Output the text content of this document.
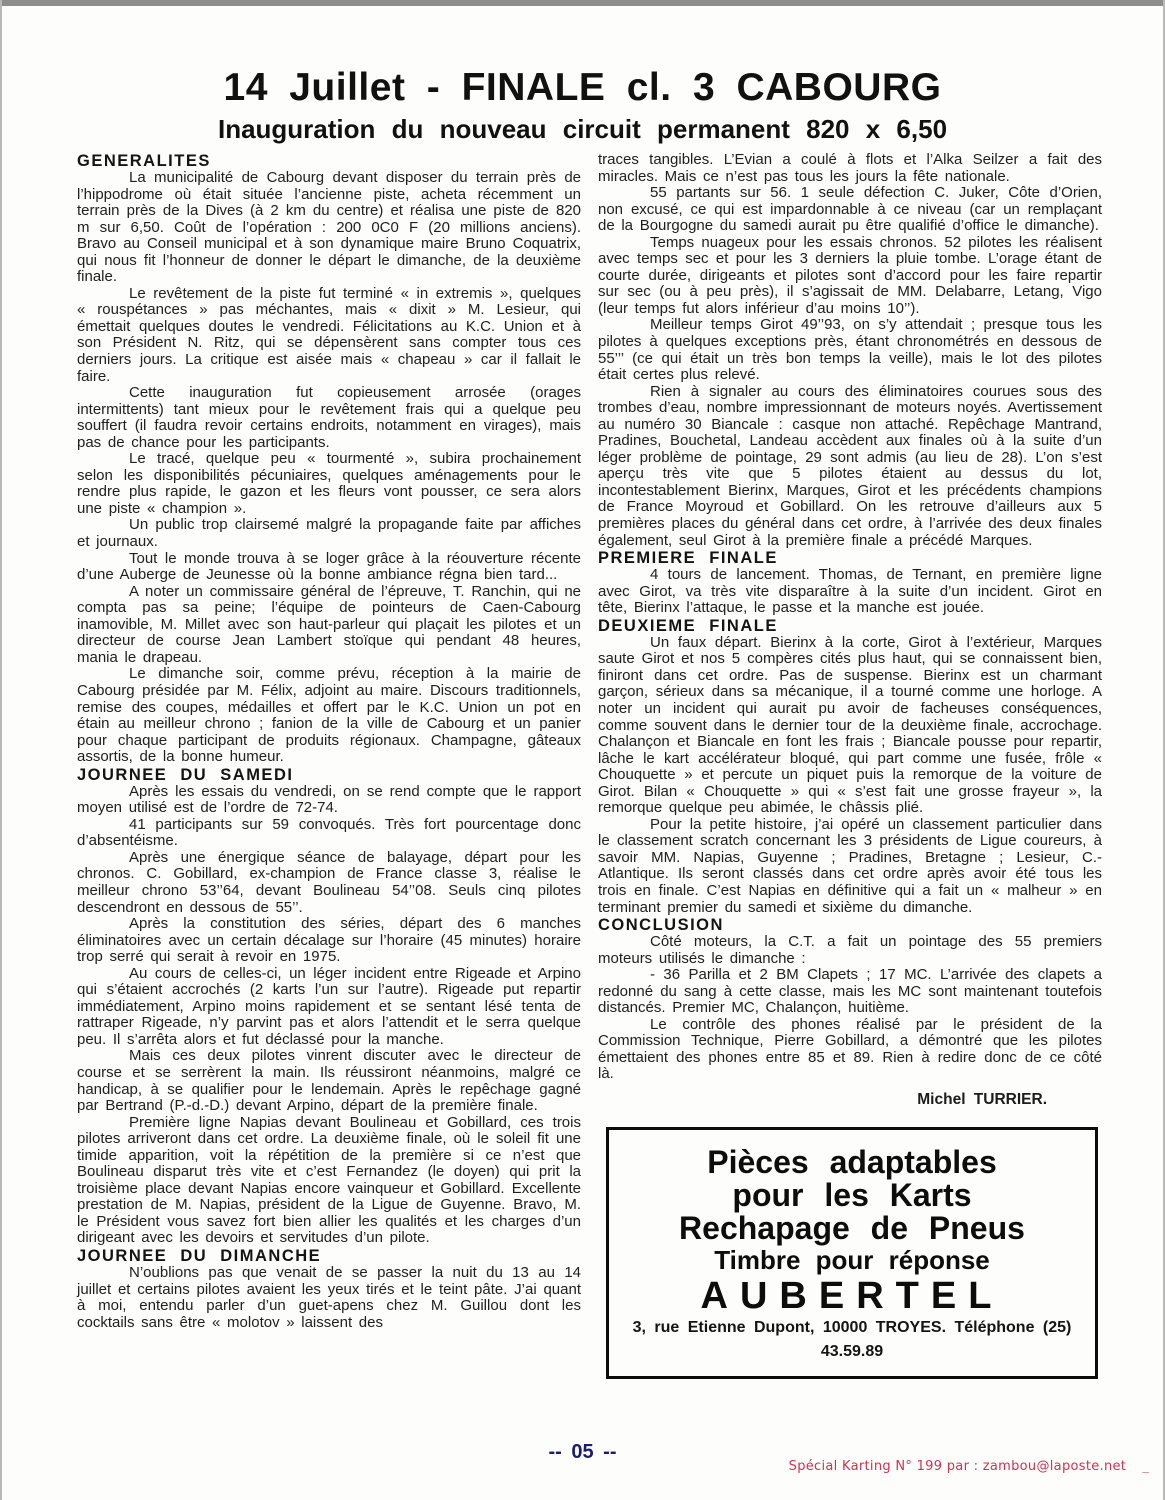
14 Juillet - FINALE cl. 3 CABOURG
Inauguration du nouveau circuit permanent 820 x 6,50
GENERALITES

La municipalité de Cabourg devant disposer du terrain près de l’hippodrome où était située l’ancienne piste, acheta récemment un terrain près de la Dives (à 2 km du centre) et réalisa une piste de 820 m sur 6,50. Coût de l’opération : 200 0C0 F (20 millions anciens). Bravo au Conseil municipal et à son dynamique maire Bruno Coquatrix, qui nous fit l’honneur de donner le départ le dimanche, de la deuxième finale.

Le revêtement de la piste fut terminé « in extremis », quelques « rouspétances » pas méchantes, mais « dixit » M. Lesieur, qui émettait quelques doutes le vendredi. Félicitations au K.C. Union et à son Président N. Ritz, qui se dépensèrent sans compter tous ces derniers jours. La critique est aisée mais « chapeau » car il fallait le faire.

Cette inauguration fut copieusement arrosée (orages intermittents) tant mieux pour le revêtement frais qui a quelque peu souffert (il faudra revoir certains endroits, notamment en virages), mais pas de chance pour les participants.

Le tracé, quelque peu « tourmenté », subira prochainement selon les disponibilités pécuniaires, quelques aménagements pour le rendre plus rapide, le gazon et les fleurs vont pousser, ce sera alors une piste « champion ».

Un public trop clairsemé malgré la propagande faite par affiches et journaux.

Tout le monde trouva à se loger grâce à la réouverture récente d’une Auberge de Jeunesse où la bonne ambiance régna bien tard...

A noter un commissaire général de l’épreuve, T. Ranchin, qui ne compta pas sa peine; l’équipe de pointeurs de Caen-Cabourg inamovible, M. Millet avec son haut-parleur qui plaçait les pilotes et un directeur de course Jean Lambert stoïque qui pendant 48 heures, mania le drapeau.

Le dimanche soir, comme prévu, réception à la mairie de Cabourg présidée par M. Félix, adjoint au maire. Discours traditionnels, remise des coupes, médailles et offert par le K.C. Union un pot en étain au meilleur chrono ; fanion de la ville de Cabourg et un panier pour chaque participant de produits régionaux. Champagne, gâteaux assortis, de la bonne humeur.

JOURNEE DU SAMEDI

Après les essais du vendredi, on se rend compte que le rapport moyen utilisé est de l’ordre de 72-74.

41 participants sur 59 convoqués. Très fort pourcentage donc d’absentéisme.

Après une énergique séance de balayage, départ pour les chronos. C. Gobillard, ex-champion de France classe 3, réalise le meilleur chrono 53’’64, devant Boulineau 54’’08. Seuls cinq pilotes descendront en dessous de 55’’.

Après la constitution des séries, départ des 6 manches éliminatoires avec un certain décalage sur l’horaire (45 minutes) horaire trop serré qui serait à revoir en 1975.

Au cours de celles-ci, un léger incident entre Rigeade et Arpino qui s’étaient accrochés (2 karts l’un sur l’autre). Rigeade put repartir immédiatement, Arpino moins rapidement et se sentant lésé tenta de rattraper Rigeade, n’y parvint pas et alors l’attendit et le serra quelque peu. Il s’arrêta alors et fut déclassé pour la manche.

Mais ces deux pilotes vinrent discuter avec le directeur de course et se serrèrent la main. Ils réussiront néanmoins, malgré ce handicap, à se qualifier pour le lendemain. Après le repêchage gagné par Bertrand (P.-d.-D.) devant Arpino, départ de la première finale.

Première ligne Napias devant Boulineau et Gobillard, ces trois pilotes arriveront dans cet ordre. La deuxième finale, où le soleil fit une timide apparition, voit la répétition de la première si ce n’est que Boulineau disparut très vite et c’est Fernandez (le doyen) qui prit la troisième place devant Napias encore vainqueur et Gobillard. Excellente prestation de M. Napias, président de la Ligue de Guyenne. Bravo, M. le Président vous savez fort bien allier les qualités et les charges d’un dirigeant avec les devoirs et servitudes d’un pilote.

JOURNEE DU DIMANCHE

N’oublions pas que venait de se passer la nuit du 13 au 14 juillet et certains pilotes avaient les yeux tirés et le teint pâte. J’ai quant à moi, entendu parler d’un guet-apens chez M. Guillou dont les cocktails sans être « molotov » laissent des

traces tangibles. L’Evian a coulé à flots et l’Alka Seilzer a fait des miracles. Mais ce n’est pas tous les jours la fête nationale.

55 partants sur 56. 1 seule défection C. Juker, Côte d’Orien, non excusé, ce qui est impardonnable à ce niveau (car un remplaçant de la Bourgogne du samedi aurait pu être qualifié d’office le dimanche).

Temps nuageux pour les essais chronos. 52 pilotes les réalisent avec temps sec et pour les 3 derniers la pluie tombe. L’orage étant de courte durée, dirigeants et pilotes sont d’accord pour les faire repartir sur sec (ou à peu près), il s’agissait de MM. Delabarre, Letang, Vigo (leur temps fut alors inférieur d’au moins 10’’).

Meilleur temps Girot 49’’93, on s’y attendait ; presque tous les pilotes à quelques exceptions près, étant chronométrés en dessous de 55’’’ (ce qui était un très bon temps la veille), mais le lot des pilotes était certes plus relevé.

Rien à signaler au cours des éliminatoires courues sous des trombes d’eau, nombre impressionnant de moteurs noyés. Avertissement au numéro 30 Biancale : casque non attaché. Repêchage Mantrand, Pradines, Bouchetal, Landeau accèdent aux finales où à la suite d’un léger problème de pointage, 29 sont admis (au lieu de 28). L’on s’est aperçu très vite que 5 pilotes étaient au dessus du lot, incontestablement Bierinx, Marques, Girot et les précédents champions de France Moyroud et Gobillard. On les retrouve d’ailleurs aux 5 premières places du général dans cet ordre, à l’arrivée des deux finales également, seul Girot à la première finale a précédé Marques.

PREMIERE FINALE

4 tours de lancement. Thomas, de Ternant, en première ligne avec Girot, va très vite disparaître à la suite d’un incident. Girot en tête, Bierinx l’attaque, le passe et la manche est jouée.

DEUXIEME FINALE

Un faux départ. Bierinx à la corte, Girot à l’extérieur, Marques saute Girot et nos 5 compères cités plus haut, qui se connaissent bien, finiront dans cet ordre. Pas de suspense. Bierinx est un charmant garçon, sérieux dans sa mécanique, il a tourné comme une horloge. A noter un incident qui aurait pu avoir de facheuses conséquences, comme souvent dans le dernier tour de la deuxième finale, accrochage. Chalançon et Biancale en font les frais ; Biancale pousse pour repartir, lâche le kart accélérateur bloqué, qui part comme une fusée, frôle « Chouquette » et percute un piquet puis la remorque de la voiture de Girot. Bilan « Chouquette » qui « s’est fait une grosse frayeur », la remorque quelque peu abimée, le châssis plié.

Pour la petite histoire, j’ai opéré un classement particulier dans le classement scratch concernant les 3 présidents de Ligue coureurs, à savoir MM. Napias, Guyenne ; Pradines, Bretagne ; Lesieur, C.-Atlantique. Ils seront classés dans cet ordre après avoir été tous les trois en finale. C’est Napias en définitive qui a fait un « malheur » en terminant premier du samedi et sixième du dimanche.

CONCLUSION

Côté moteurs, la C.T. a fait un pointage des 55 premiers moteurs utilisés le dimanche :

- 36 Parilla et 2 BM Clapets ; 17 MC. L’arrivée des clapets a redonné du sang à cette classe, mais les MC sont maintenant toutefois distancés. Premier MC, Chalançon, huitième.

Le contrôle des phones réalisé par le président de la Commission Technique, Pierre Gobillard, a démontré que les pilotes émettaient des phones entre 85 et 89. Rien à redire donc de ce côté là.

Michel TURRIER.
Pièces adaptables
pour les Karts
Rechapage de Pneus
Timbre pour réponse
AUBERTEL
3, rue Etienne Dupont, 10000 TROYES. Téléphone (25) 43.59.89
-- 05 --
Spécial Karting N° 199 par : zambou@laposte.net _
